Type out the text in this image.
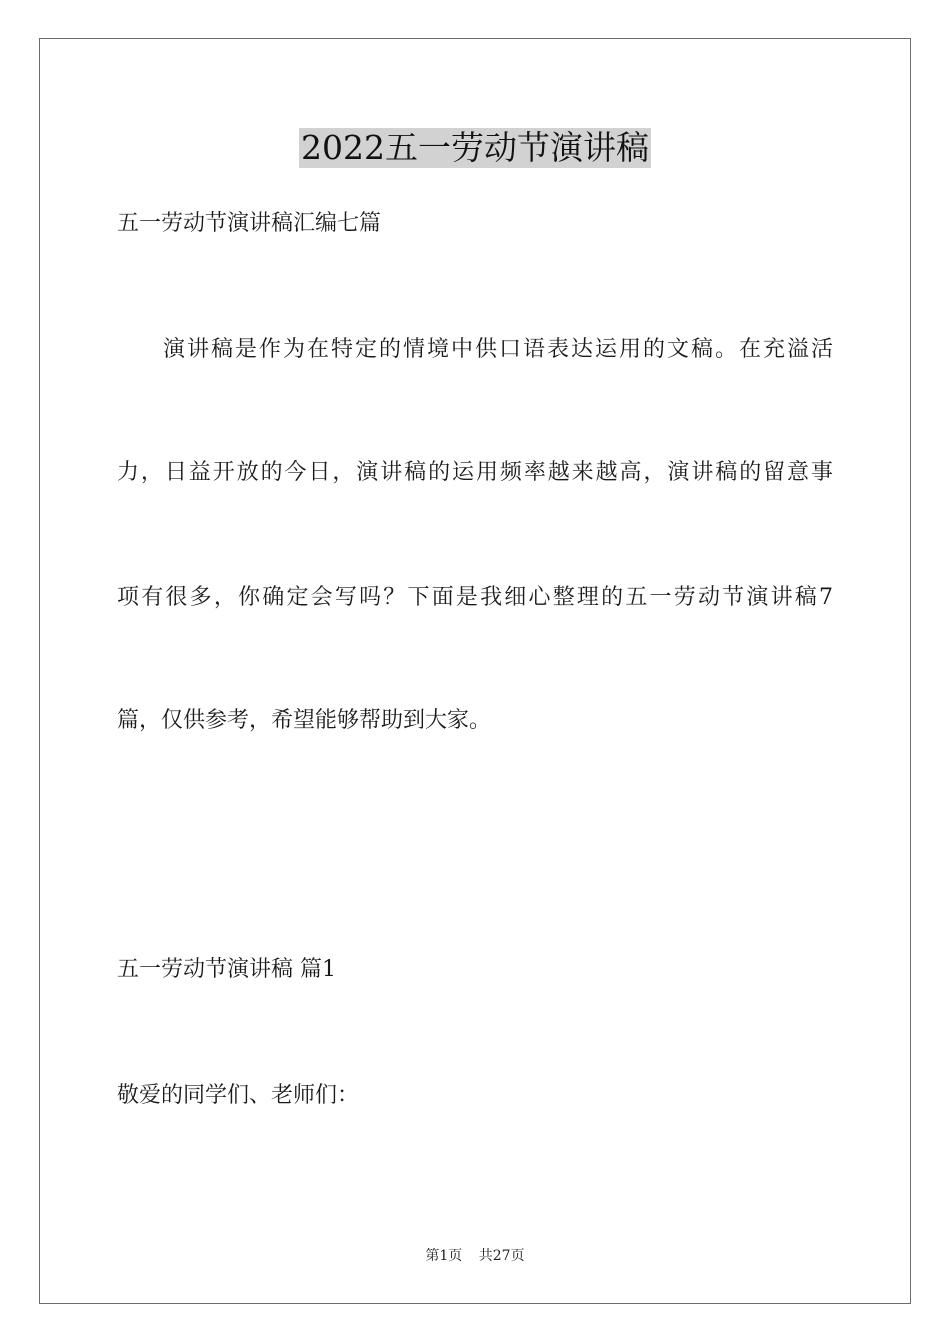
2022五一劳动节演讲稿
五一劳动节演讲稿汇编七篇
演讲稿是作为在特定的情境中供口语表达运用的文稿。在充溢活
力，日益开放的今日，演讲稿的运用频率越来越高，演讲稿的留意事
项有很多，你确定会写吗？下面是我细心整理的五一劳动节演讲稿7
篇，仅供参考，希望能够帮助到大家。
五一劳动节演讲稿 篇1
敬爱的同学们、老师们：
第1页 共27页
